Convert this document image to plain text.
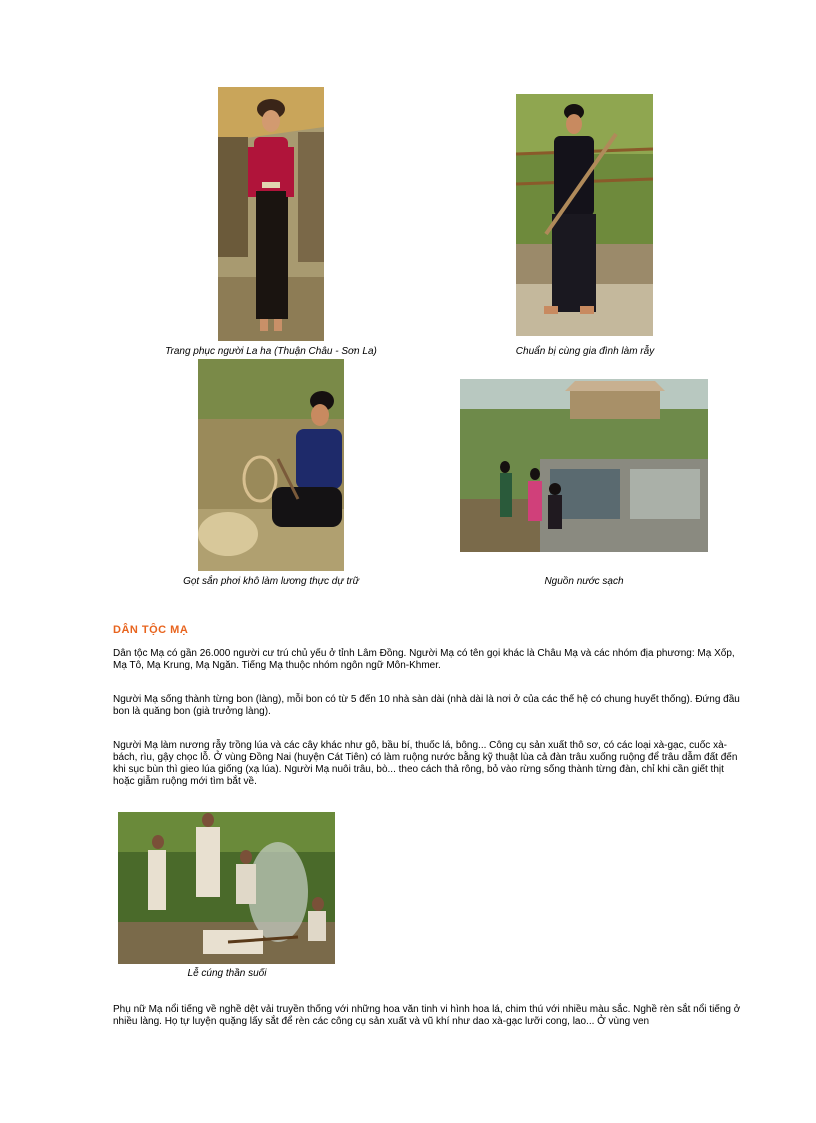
Trang phục người La ha (Thuận Châu - Sơn La)	Chuẩn bị cùng gia đình làm rẫy
Gọt sắn phơi khô làm lương thực dự trữ	Nguồn nước sạch
DÂN TỘC MẠ
Dân tộc Mạ có gần 26.000 người cư trú chủ yếu ở tỉnh Lâm Đồng. Người Mạ có tên gọi khác là Châu Mạ và các nhóm địa phương: Mạ Xốp, Mạ Tô, Mạ Krung, Mạ Ngăn. Tiếng Mạ thuộc nhóm ngôn ngữ Môn-Khmer.
Người Mạ sống thành từng bon (làng), mỗi bon có từ 5 đến 10 nhà sàn dài (nhà dài là nơi ở của các thế hệ có chung huyết thống). Đứng đầu bon là quăng bon (già trưởng làng).
Người Mạ làm nương rẫy trồng lúa và các cây khác như gô, bầu bí, thuốc lá, bông... Công cụ sản xuất thô sơ, có các loại xà-gạc, cuốc xà-bách, rìu, gậy chọc lỗ. Ở vùng Đồng Nai (huyện Cát Tiên) có làm ruộng nước bằng kỹ thuật lùa cả đàn trâu xuống ruộng để trâu dẫm đất đến khi sục bùn thì gieo lúa giống (xạ lúa). Người Mạ nuôi trâu, bò... theo cách thả rông, bỏ vào rừng sống thành từng đàn, chỉ khi cần giết thịt hoặc giẫm ruộng mới tìm bắt về.
Lễ cúng thần suối
Phụ nữ Mạ nổi tiếng về nghề dệt vải truyền thống với những hoa văn tinh vi hình hoa lá, chim thú với nhiều màu sắc. Nghề rèn sắt nổi tiếng ở nhiều làng. Họ tự luyện quặng lấy sắt để rèn các công cụ sản xuất và vũ khí như dao xà-gạc lưỡi cong, lao... Ở vùng ven
